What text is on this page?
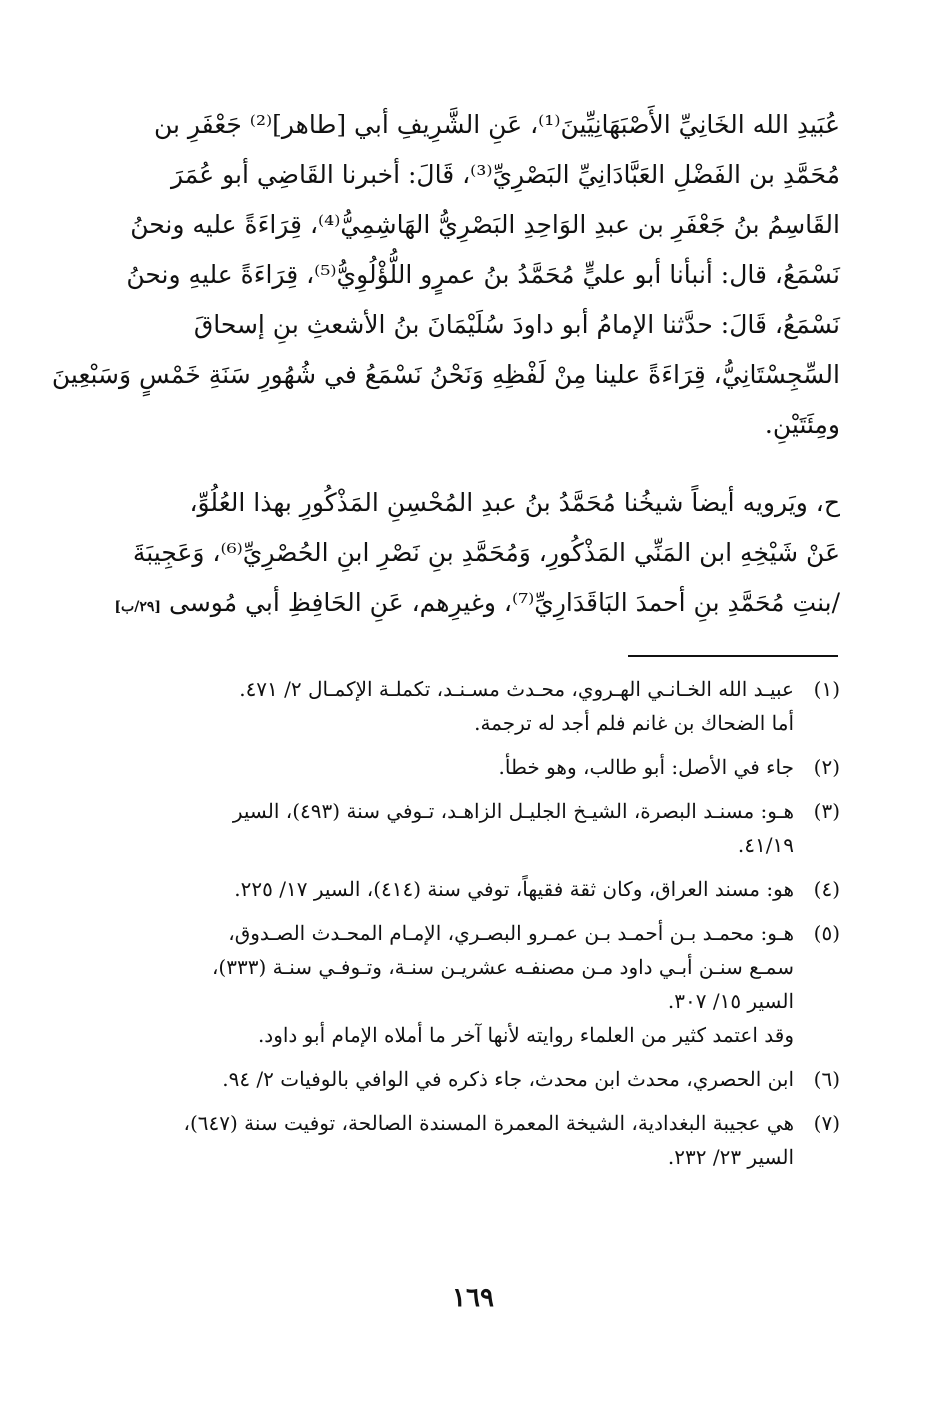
عُبَيدِ الله الخَانِيِّ الأَصْبَهَانِيِّينَ⁽¹⁾، عَنِ الشَّرِيفِ أبي [طاهر]⁽²⁾ جَعْفَرِ بن
مُحَمَّدِ بن الفَضْلِ العَبَّادَانِيِّ البَصْرِيِّ⁽³⁾، قَالَ: أخبرنا القَاضِي أبو عُمَرَ
القَاسِمُ بنُ جَعْفَرِ بن عبدِ الوَاحِدِ البَصْرِيُّ الهَاشِمِيُّ⁽⁴⁾، قِرَاءَةً عليه ونحنُ
نَسْمَعُ، قال: أنبأنا أبو عليٍّ مُحَمَّدُ بنُ عمرٍو اللُّؤْلُوِيُّ⁽⁵⁾، قِرَاءَةً عليهِ ونحنُ
نَسْمَعُ، قَالَ: حدَّثنا الإمامُ أبو داودَ سُلَيْمَانَ بنُ الأشعثِ بنِ إسحاقَ
السِّجِسْتَانِيُّ، قِرَاءَةً علينا مِنْ لَفْظِهِ وَنَحْنُ نَسْمَعُ في شُهُورِ سَنَةِ خَمْسٍ وَسَبْعِينَ
ومِئَتَيْنِ.
ح، ويَرويه أيضاً شيخُنا مُحَمَّدُ بنُ عبدِ المُحْسِنِ المَذْكُورِ بهذا العُلُوِّ،
عَنْ شَيْخِهِ ابن المَنِّي المَذْكُورِ، وَمُحَمَّدِ بنِ نَصْرِ ابنِ الحُصْرِيِّ⁽⁶⁾، وَعَجِيبَةَ
/بنتِ مُحَمَّدِ بنِ أحمدَ البَاقَدَارِيِّ⁽⁷⁾، وغيرِهم، عَنِ الحَافِظِ أبي مُوسى[٢٩/ب]
(١)
عبيـد الله الخـانـي الهـروي، محـدث مسـنـد، تكملـة الإكمـال ٢/ ٤٧١.
أما الضحاك بن غانم فلم أجد له ترجمة.
(٢)
جاء في الأصل: أبو طالب، وهو خطأ.
(٣)
هـو: مسنـد البصرة، الشيـخ الجليـل الزاهـد، تـوفي سنة (٤٩٣)، السير
٤١/١٩.
(٤)
هو: مسند العراق، وكان ثقة فقيهاً، توفي سنة (٤١٤)، السير ١٧/ ٢٢٥.
(٥)
هـو: محمـد بـن أحمـد بـن عمـرو البصـري، الإمـام المحـدث الصـدوق،
سمـع سنـن أبـي داود مـن مصنفـه عشريـن سنـة، وتـوفـي سنـة (٣٣٣)،
السير ١٥/ ٣٠٧.
وقد اعتمد كثير من العلماء روايته لأنها آخر ما أملاه الإمام أبو داود.
(٦)
ابن الحصري، محدث ابن محدث، جاء ذكره في الوافي بالوفيات ٢/ ٩٤.
(٧)
هي عجيبة البغدادية، الشيخة المعمرة المسندة الصالحة، توفيت سنة (٦٤٧)،
السير ٢٣/ ٢٣٢.
١٦٩
